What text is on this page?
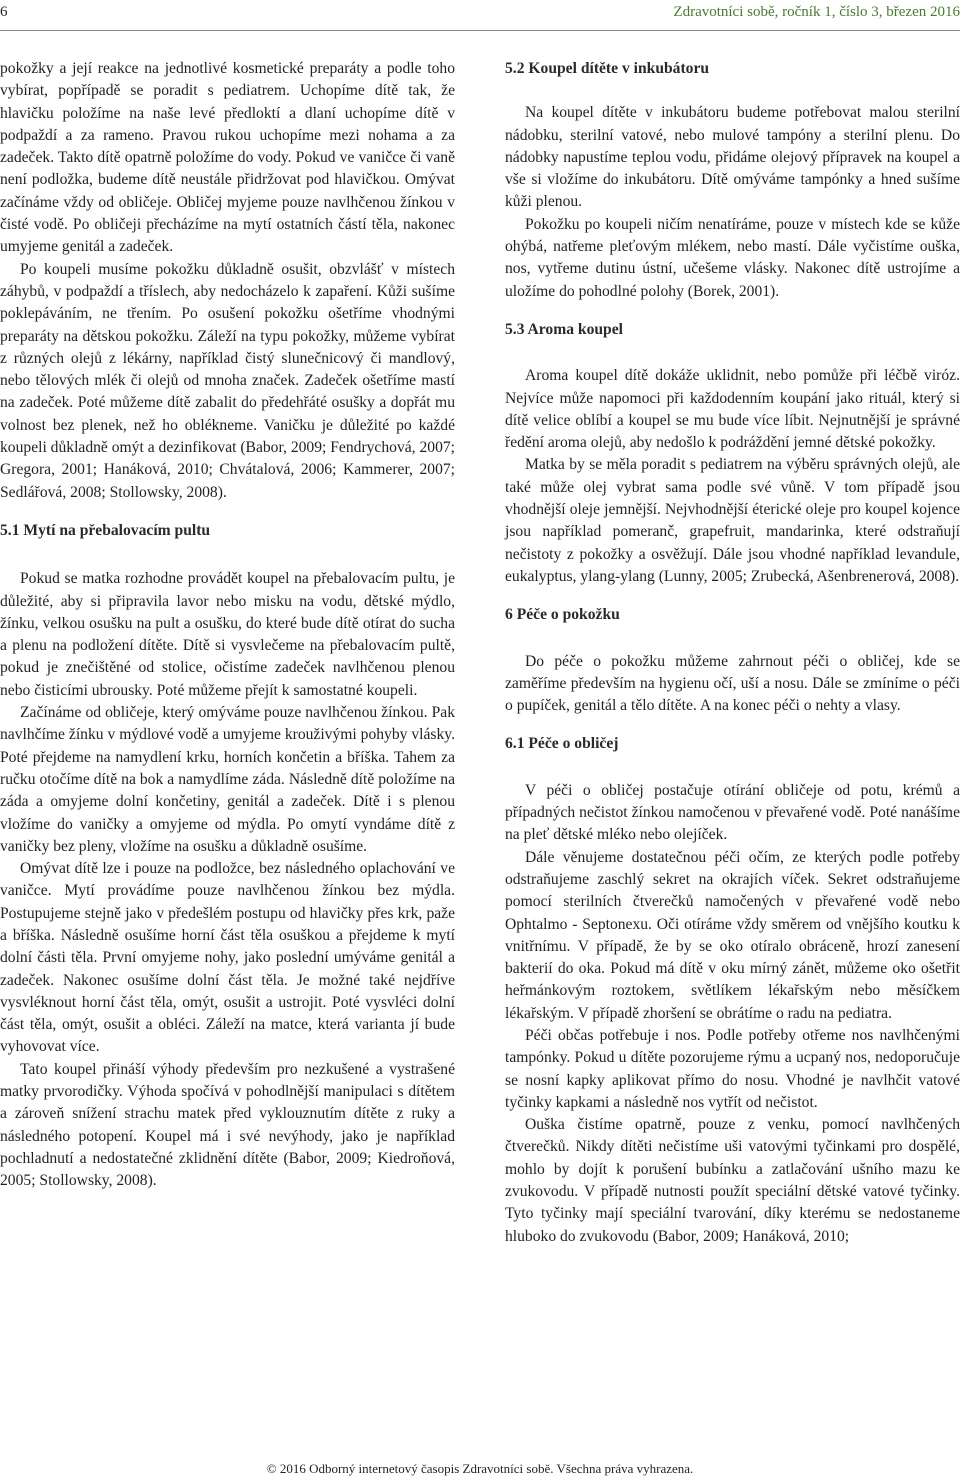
6	Zdravotníci sobě, ročník 1, číslo 3, březen 2016

pokožky a její reakce na jednotlivé kosmetické preparáty a podle toho vybírat, popřípadě se poradit s pediatrem. Uchopíme dítě tak, že hlavičku položíme na naše levé předloktí a dlaní uchopíme dítě v podpaždí a za rameno. Pravou rukou uchopíme mezi nohama a za zadeček. Takto dítě opatrně položíme do vody. Pokud ve vaničce či vaně není podložka, budeme dítě neustále přidržovat pod hlavičkou. Omývat začínáme vždy od obličeje. Obličej myjeme pouze navlhčenou žínkou v čisté vodě. Po obličeji přecházíme na mytí ostatních částí těla, nakonec umyjeme genitál a zadeček.

Po koupeli musíme pokožku důkladně osušit, obzvlášť v místech záhybů, v podpaždí a tříslech, aby nedocházelo k zapaření. Kůži sušíme poklepáváním, ne třením. Po osušení pokožku ošetříme vhodnými preparáty na dětskou pokožku. Záleží na typu pokožky, můžeme vybírat z různých olejů z lékárny, například čistý slunečnicový či mandlový, nebo tělových mlék či olejů od mnoha značek. Zadeček ošetříme mastí na zadeček. Poté můžeme dítě zabalit do předehřáté osušky a dopřát mu volnost bez plenek, než ho oblékneme. Vaničku je důležité po každé koupeli důkladně omýt a dezinfikovat (Babor, 2009; Fendrychová, 2007; Gregora, 2001; Hanáková, 2010; Chvátalová, 2006; Kammerer, 2007; Sedlářová, 2008; Stollowsky, 2008).

5.1 Mytí na přebalovacím pultu

Pokud se matka rozhodne provádět koupel na přebalovacím pultu, je důležité, aby si připravila lavor nebo misku na vodu, dětské mýdlo, žínku, velkou osušku na pult a osušku, do které bude dítě otírat do sucha a plenu na podložení dítěte. Dítě si vysvlečeme na přebalovacím pultě, pokud je znečištěné od stolice, očistíme zadeček navlhčenou plenou nebo čisticími ubrousky. Poté můžeme přejít k samostatné koupeli.

Začínáme od obličeje, který omýváme pouze navlhčenou žínkou. Pak navlhčíme žínku v mýdlové vodě a umyjeme krouživými pohyby vlásky. Poté přejdeme na namydlení krku, horních končetin a bříška. Tahem za ručku otočíme dítě na bok a namydlíme záda. Následně dítě položíme na záda a omyjeme dolní končetiny, genitál a zadeček. Dítě i s plenou vložíme do vaničky a omyjeme od mýdla. Po omytí vyndáme dítě z vaničky bez pleny, vložíme na osušku a důkladně osušíme.

Omývat dítě lze i pouze na podložce, bez následného oplachování ve vaničce. Mytí provádíme pouze navlhčenou žínkou bez mýdla. Postupujeme stejně jako v předešlém postupu od hlavičky přes krk, paže a bříška. Následně osušíme horní část těla osuškou a přejdeme k mytí dolní části těla. První omyjeme nohy, jako poslední umýváme genitál a zadeček. Nakonec osušíme dolní část těla. Je možné také nejdříve vysvléknout horní část těla, omýt, osušit a ustrojit. Poté vysvléci dolní část těla, omýt, osušit a obléci. Záleží na matce, která varianta jí bude vyhovovat více.

Tato koupel přináší výhody především pro nezkušené a vystrašené matky prvorodičky. Výhoda spočívá v pohodlnější manipulaci s dítětem a zároveň snížení strachu matek před vyklouznutím dítěte z ruky a následného potopení. Koupel má i své nevýhody, jako je například pochladnutí a nedostatečné zklidnění dítěte (Babor, 2009; Kiedroňová, 2005; Stollowsky, 2008).

5.2 Koupel dítěte v inkubátoru

Na koupel dítěte v inkubátoru budeme potřebovat malou sterilní nádobku, sterilní vatové, nebo mulové tampóny a sterilní plenu. Do nádobky napustíme teplou vodu, přidáme olejový přípravek na koupel a vše si vložíme do inkubátoru. Dítě omýváme tampónky a hned sušíme kůži plenou.

Pokožku po koupeli ničím nenatíráme, pouze v místech kde se kůže ohýbá, natřeme pleťovým mlékem, nebo mastí. Dále vyčistíme ouška, nos, vytřeme dutinu ústní, učešeme vlásky. Nakonec dítě ustrojíme a uložíme do pohodlné polohy (Borek, 2001).

5.3 Aroma koupel

Aroma koupel dítě dokáže uklidnit, nebo pomůže při léčbě viróz. Nejvíce může napomoci při každodenním koupání jako rituál, který si dítě velice oblíbí a koupel se mu bude více líbit. Nejnutnější je správné ředění aroma olejů, aby nedošlo k podráždění jemné dětské pokožky.

Matka by se měla poradit s pediatrem na výběru správných olejů, ale také může olej vybrat sama podle své vůně. V tom případě jsou vhodnější oleje jemnější. Nejvhodnější éterické oleje pro koupel kojence jsou například pomeranč, grapefruit, mandarinka, které odstraňují nečistoty z pokožky a osvěžují. Dále jsou vhodné například levandule, eukalyptus, ylang-ylang (Lunny, 2005; Zrubecká, Ašenbrenerová, 2008).

6 Péče o pokožku

Do péče o pokožku můžeme zahrnout péči o obličej, kde se zaměříme především na hygienu očí, uší a nosu. Dále se zmíníme o péči o pupíček, genitál a tělo dítěte. A na konec péči o nehty a vlasy.

6.1 Péče o obličej

V péči o obličej postačuje otírání obličeje od potu, krémů a případných nečistot žínkou namočenou v převařené vodě. Poté nanášíme na pleť dětské mléko nebo olejíček.

Dále věnujeme dostatečnou péči očím, ze kterých podle potřeby odstraňujeme zaschlý sekret na okrajích víček. Sekret odstraňujeme pomocí sterilních čtverečků namočených v převařené vodě nebo Ophtalmo - Septonexu. Oči otíráme vždy směrem od vnějšího koutku k vnitřnímu. V případě, že by se oko otíralo obráceně, hrozí zanesení bakterií do oka. Pokud má dítě v oku mírný zánět, můžeme oko ošetřit heřmánkovým roztokem, světlíkem lékařským nebo měsíčkem lékařským. V případě zhoršení se obrátíme o radu na pediatra.

Péči občas potřebuje i nos. Podle potřeby otřeme nos navlhčenými tampónky. Pokud u dítěte pozorujeme rýmu a ucpaný nos, nedoporučuje se nosní kapky aplikovat přímo do nosu. Vhodné je navlhčit vatové tyčinky kapkami a následně nos vytřít od nečistot.

Ouška čistíme opatrně, pouze z venku, pomocí navlhčených čtverečků. Nikdy dítěti nečistíme uši vatovými tyčinkami pro dospělé, mohlo by dojít k porušení bubínku a zatlačování ušního mazu ke zvukovodu. V případě nutnosti použít speciální dětské vatové tyčinky. Tyto tyčinky mají speciální tvarování, díky kterému se nedostaneme hluboko do zvukovodu (Babor, 2009; Hanáková, 2010;

© 2016 Odborný internetový časopis Zdravotníci sobě. Všechna práva vyhrazena.
